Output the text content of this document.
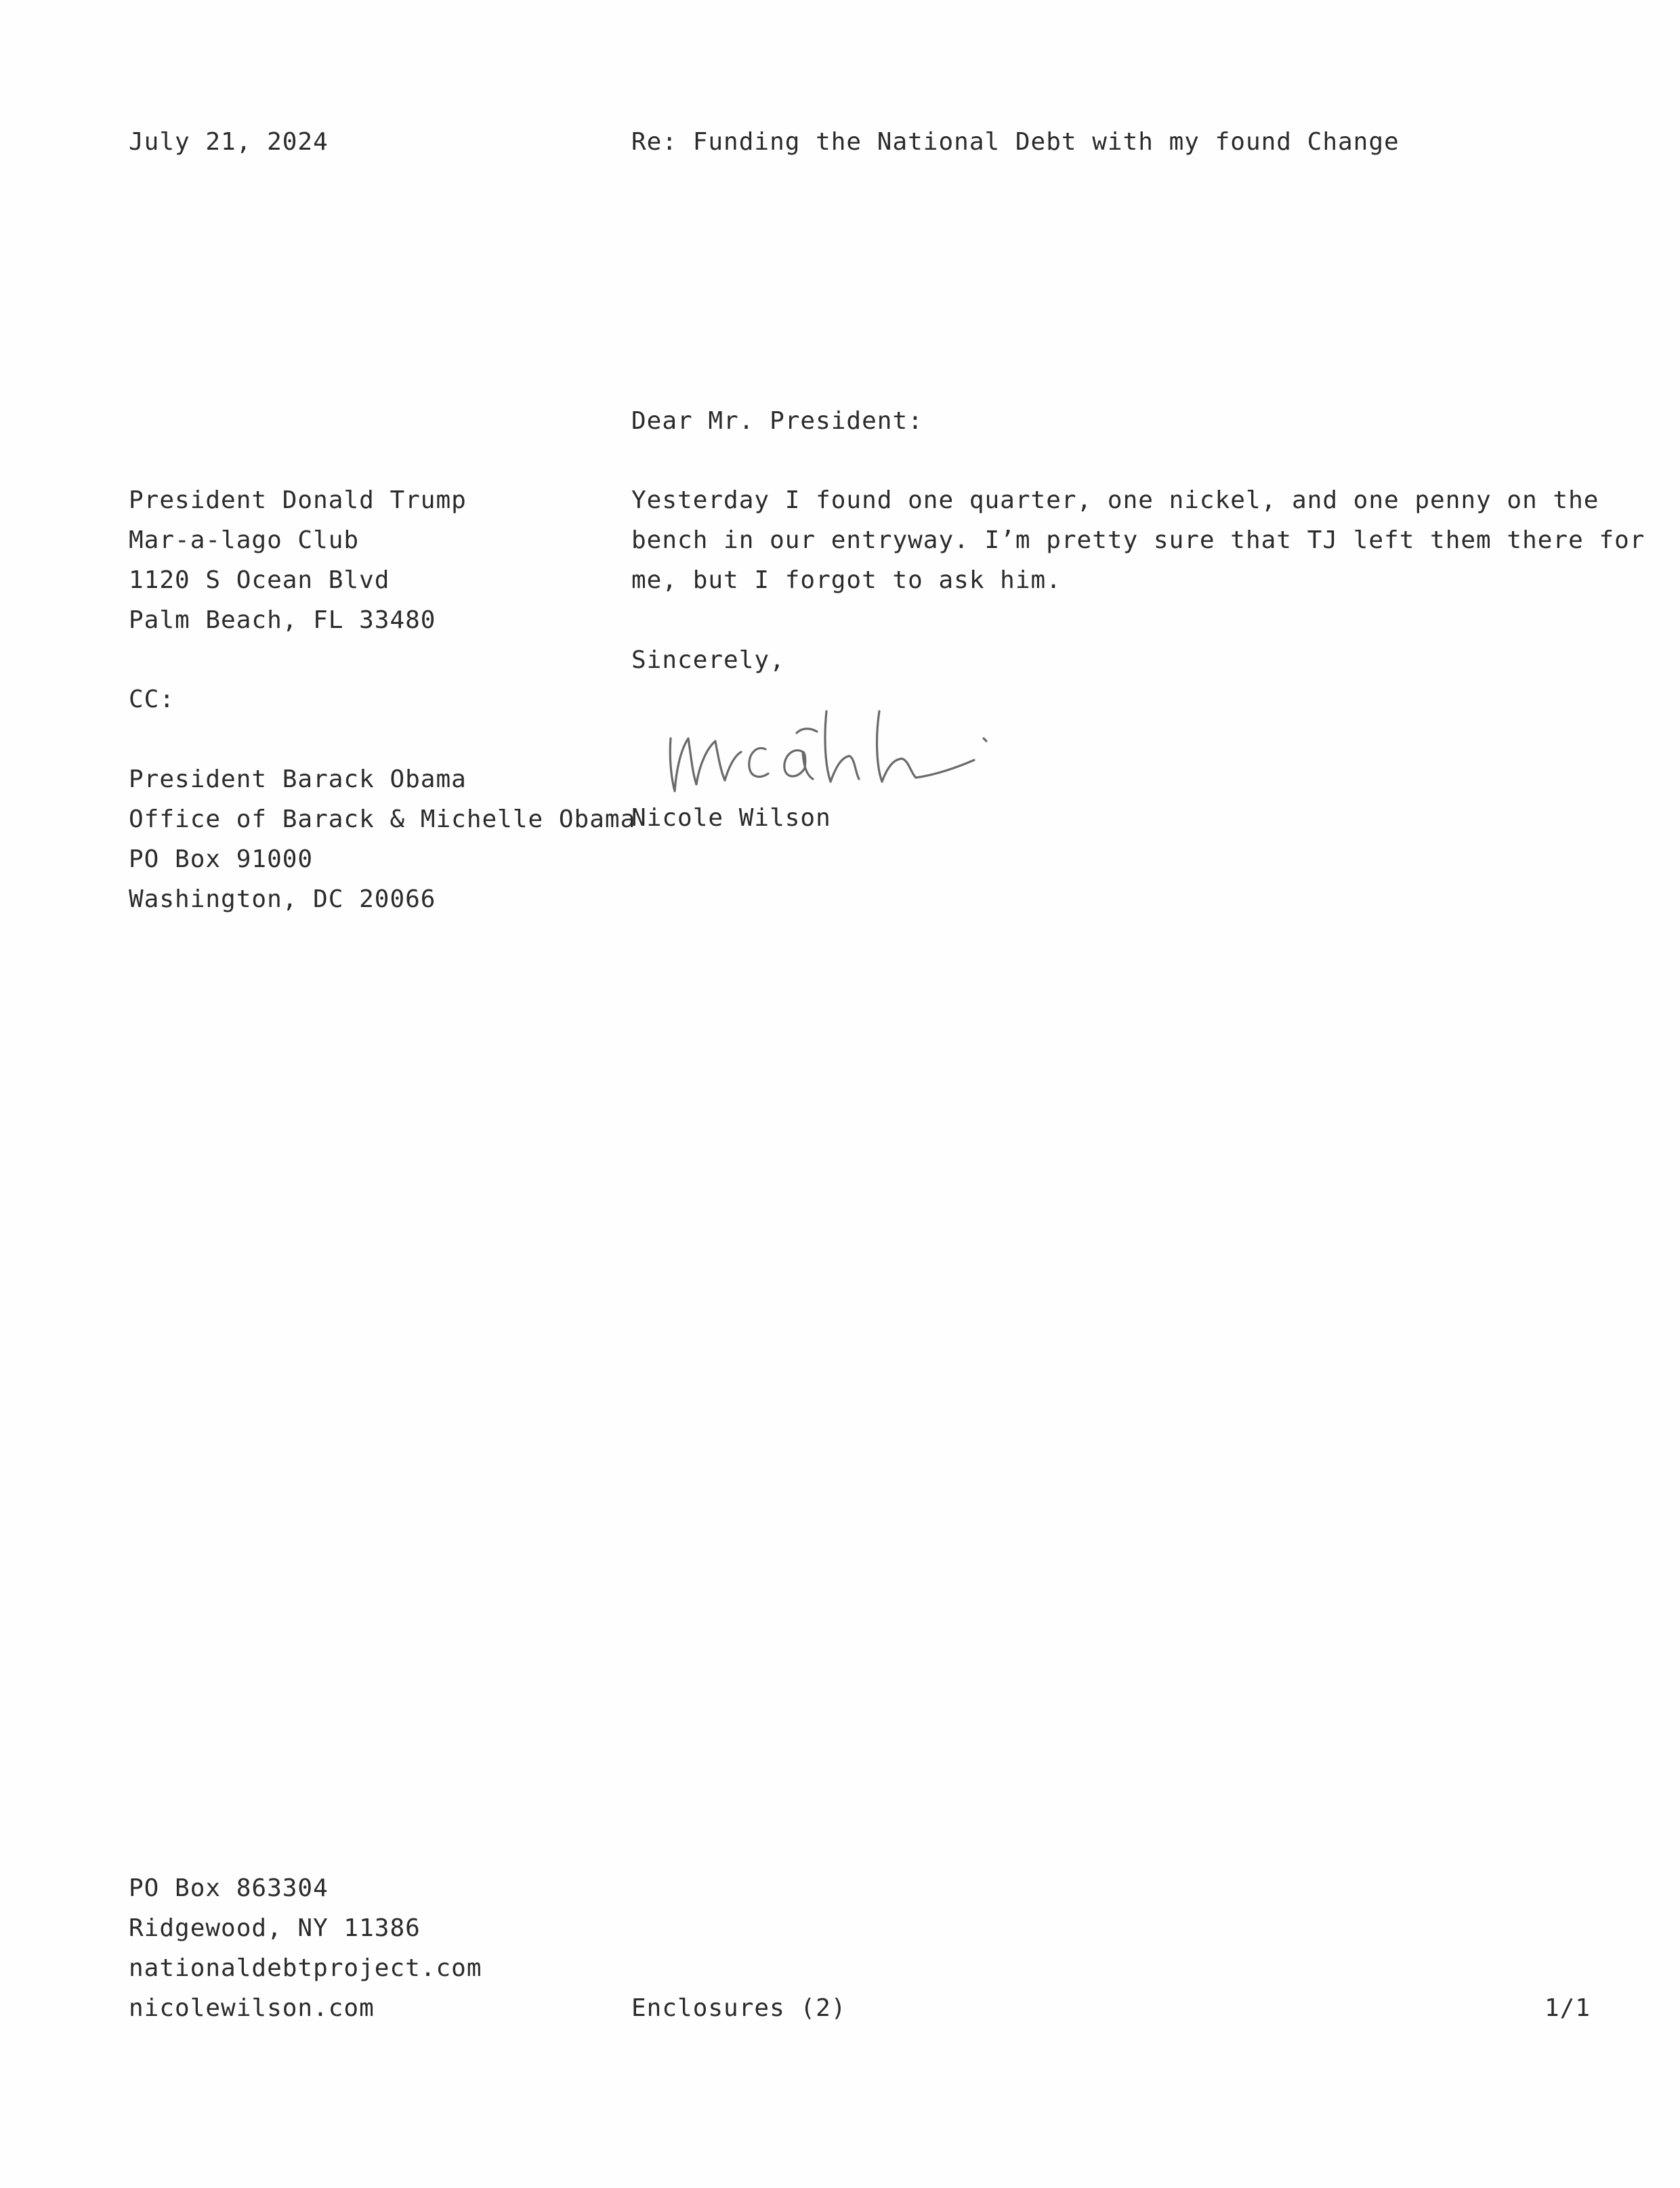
July 21, 2024	Re: Funding the National Debt with my found Change

Dear Mr. President:

President Donald Trump
Mar-a-lago Club
1120 S Ocean Blvd
Palm Beach, FL 33480
Yesterday I found one quarter, one nickel, and one penny on the
bench in our entryway. I’m pretty sure that TJ left them there for
me, but I forgot to ask him.

Sincerely,

CC:

President Barack Obama
Office of Barack & Michelle Obama
PO Box 91000
Washington, DC 20066

Nicole Wilson

PO Box 863304
Ridgewood, NY 11386
nationaldebtproject.com
nicolewilson.com	Enclosures (2)	1/1
